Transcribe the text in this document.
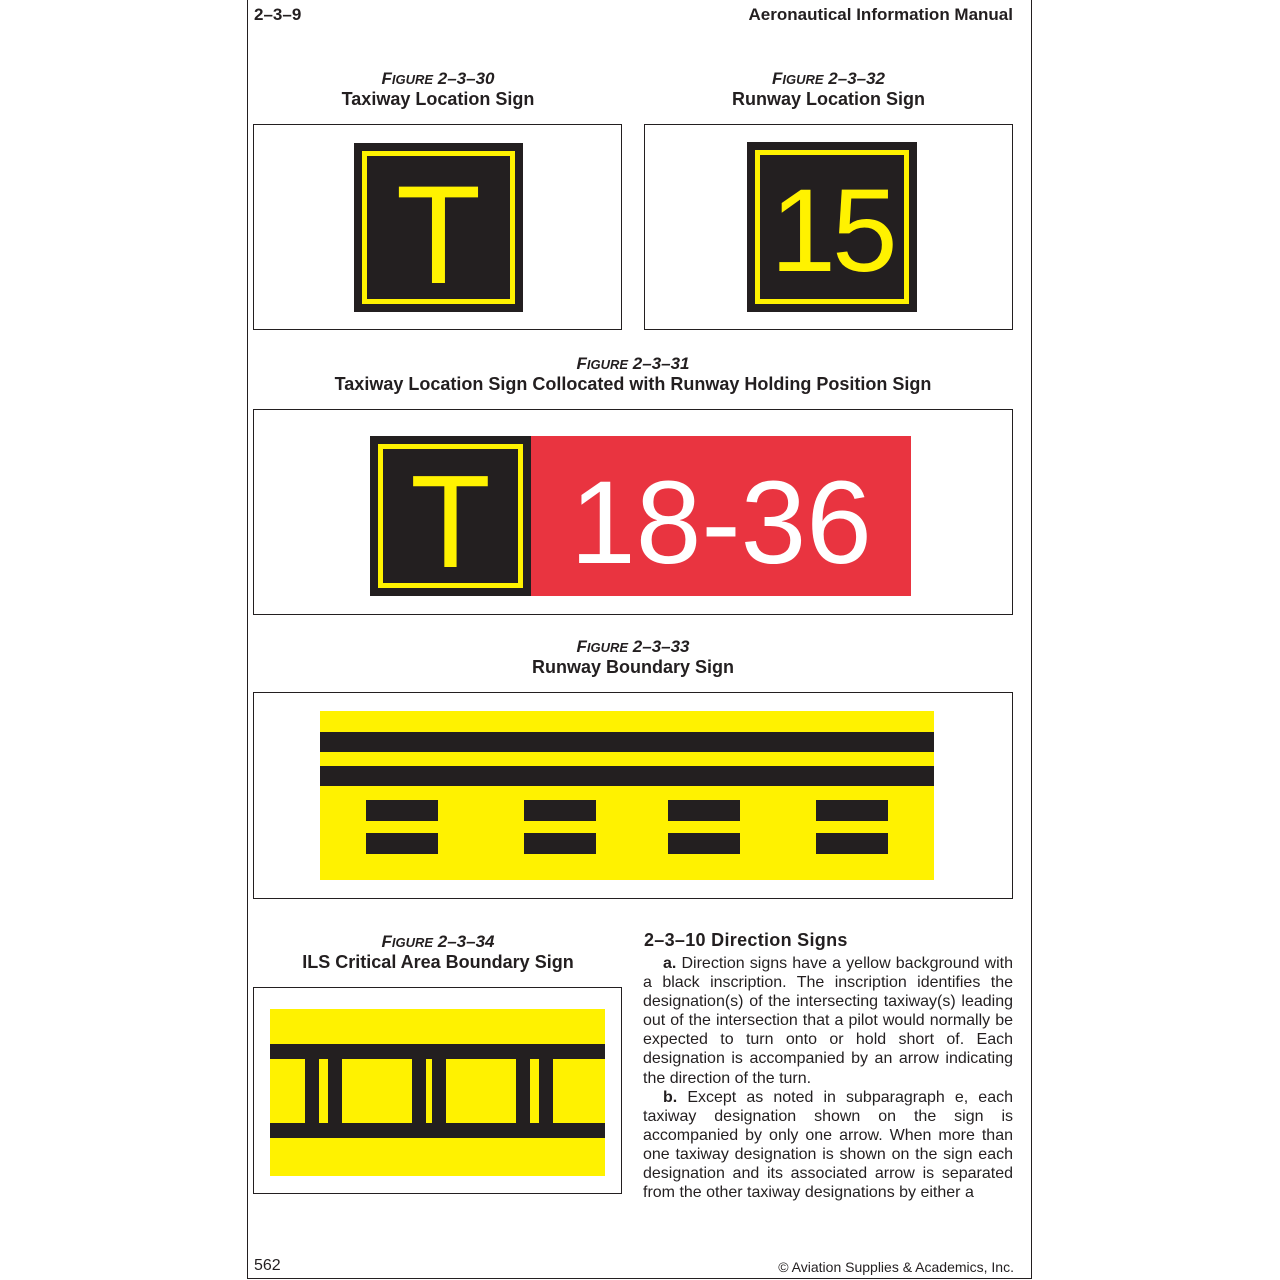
2–3–9	Aeronautical Information Manual
FIGURE 2–3–30
Taxiway Location Sign
T
FIGURE 2–3–32
Runway Location Sign
15
FIGURE 2–3–31
Taxiway Location Sign Collocated with Runway Holding Position Sign
T 18-36
FIGURE 2–3–33
Runway Boundary Sign
FIGURE 2–3–34
ILS Critical Area Boundary Sign
2–3–10 Direction Signs

a. Direction signs have a yellow background with a black inscription. The inscription identifies the designation(s) of the intersecting taxiway(s) leading out of the intersection that a pilot would normally be expected to turn onto or hold short of. Each designation is accompanied by an arrow indicating the direction of the turn.

b. Except as noted in subparagraph e, each taxiway designation shown on the sign is accompanied by only one arrow. When more than one taxiway designation is shown on the sign each designation and its associated arrow is separated from the other taxiway designations by either a

562	© Aviation Supplies & Academics, Inc.
